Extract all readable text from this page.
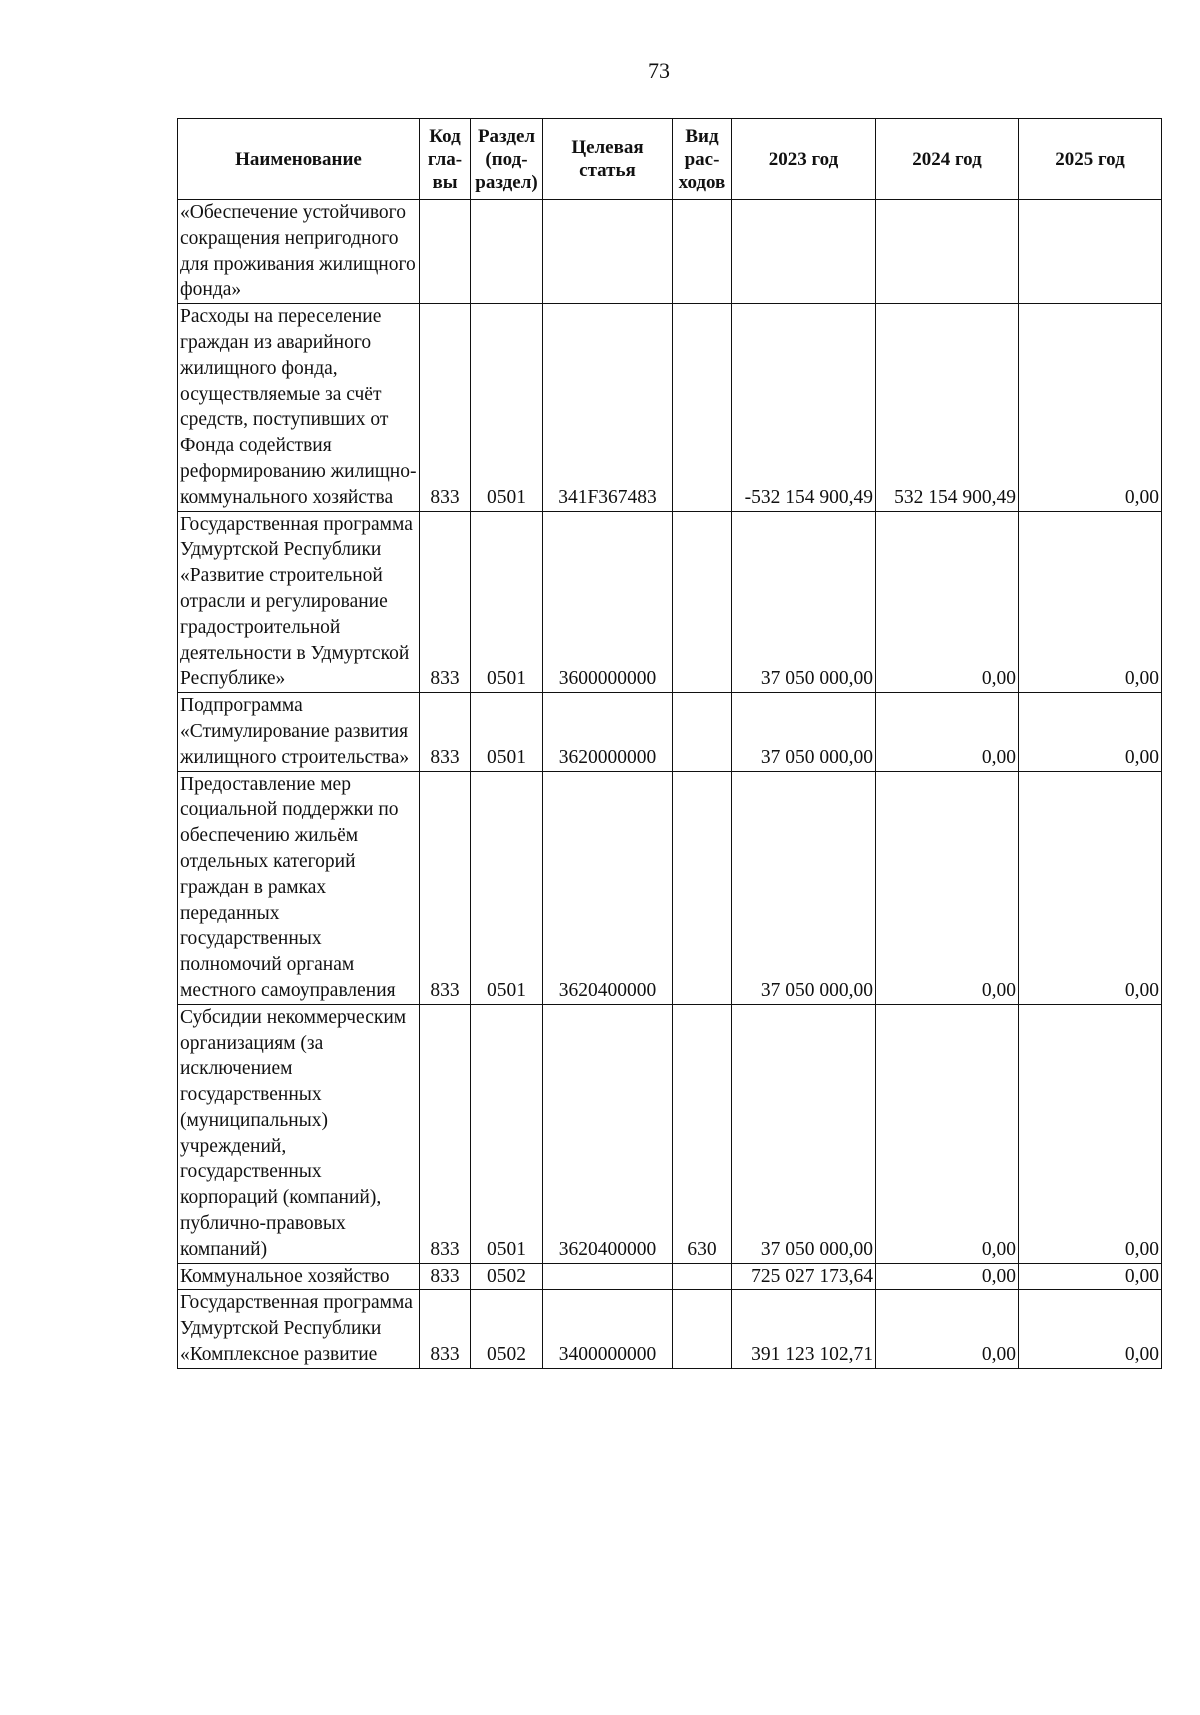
73
Наименование	Код гла-вы	Раздел (под-раздел)	Целевая статья	Вид рас-ходов	2023 год	2024 год	2025 год
«Обеспечение устойчивого сокращения непригодного для проживания жилищного фонда»							
Расходы на переселение граждан из аварийного жилищного фонда, осуществляемые за счёт средств, поступивших от Фонда содействия реформированию жилищно-коммунального хозяйства	833	0501	341F367483		-532 154 900,49	532 154 900,49	0,00
Государственная программа Удмуртской Республики «Развитие строительной отрасли и регулирование градостроительной деятельности в Удмуртской Республике»	833	0501	3600000000		37 050 000,00	0,00	0,00
Подпрограмма «Стимулирование развития жилищного строительства»	833	0501	3620000000		37 050 000,00	0,00	0,00
Предоставление мер социальной поддержки по обеспечению жильём отдельных категорий граждан в рамках переданных государственных полномочий органам местного самоуправления	833	0501	3620400000		37 050 000,00	0,00	0,00
Субсидии некоммерческим организациям (за исключением государственных (муниципальных) учреждений, государственных корпораций (компаний), публично-правовых компаний)	833	0501	3620400000	630	37 050 000,00	0,00	0,00
Коммунальное хозяйство	833	0502			725 027 173,64	0,00	0,00
Государственная программа Удмуртской Республики «Комплексное развитие	833	0502	3400000000		391 123 102,71	0,00	0,00
